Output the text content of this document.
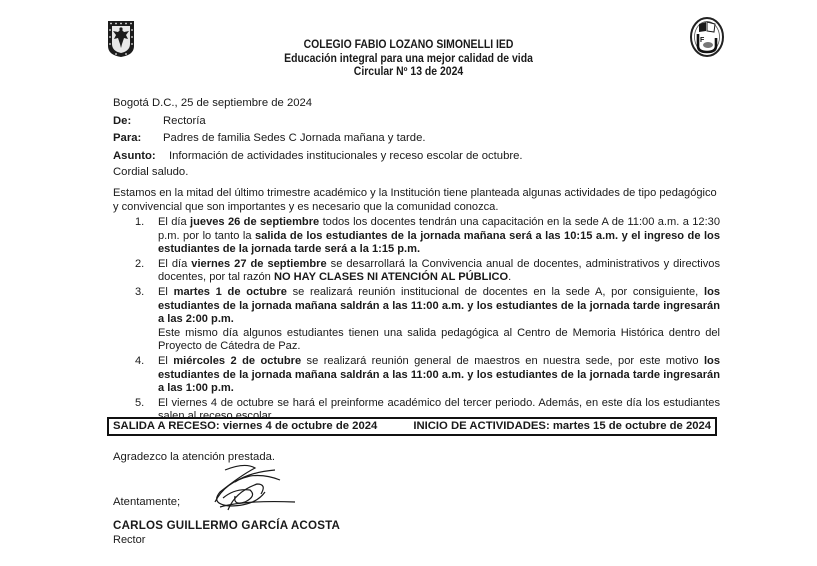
F
COLEGIO FABIO LOZANO SIMONELLI IED
Educación integral para una mejor calidad de vida
Circular Nº 13 de 2024
Bogotá D.C., 25 de septiembre de 2024
De:	Rectoría
Para: Padres de familia Sedes C Jornada mañana y tarde.
Asunto: Información de actividades institucionales y receso escolar de octubre.
Cordial saludo.
Estamos en la mitad del último trimestre académico y la Institución tiene planteada algunas actividades de tipo pedagógico y convivencial que son importantes y es necesario que la comunidad conozca.
1. El día jueves 26 de septiembre todos los docentes tendrán una capacitación en la sede A de 11:00 a.m. a 12:30 p.m. por lo tanto la salida de los estudiantes de la jornada mañana será a las 10:15 a.m. y el ingreso de los estudiantes de la jornada tarde será a la 1:15 p.m.
2. El día viernes 27 de septiembre se desarrollará la Convivencia anual de docentes, administrativos y directivos docentes, por tal razón NO HAY CLASES NI ATENCIÓN AL PÚBLICO.
3. El martes 1 de octubre se realizará reunión institucional de docentes en la sede A, por consiguiente, los estudiantes de la jornada mañana saldrán a las 11:00 a.m. y los estudiantes de la jornada tarde ingresarán a las 2:00 p.m.
Este mismo día algunos estudiantes tienen una salida pedagógica al Centro de Memoria Histórica dentro del Proyecto de Cátedra de Paz.
4. El miércoles 2 de octubre se realizará reunión general de maestros en nuestra sede, por este motivo los estudiantes de la jornada mañana saldrán a las 11:00 a.m. y los estudiantes de la jornada tarde ingresarán a las 1:00 p.m.
5. El viernes 4 de octubre se hará el preinforme académico del tercer periodo. Además, en este día los estudiantes salen al receso escolar.
SALIDA A RECESO: viernes 4 de octubre de 2024	INICIO DE ACTIVIDADES: martes 15 de octubre de 2024
Agradezco la atención prestada.
Atentamente;
CARLOS GUILLERMO GARCÍA ACOSTA
Rector
